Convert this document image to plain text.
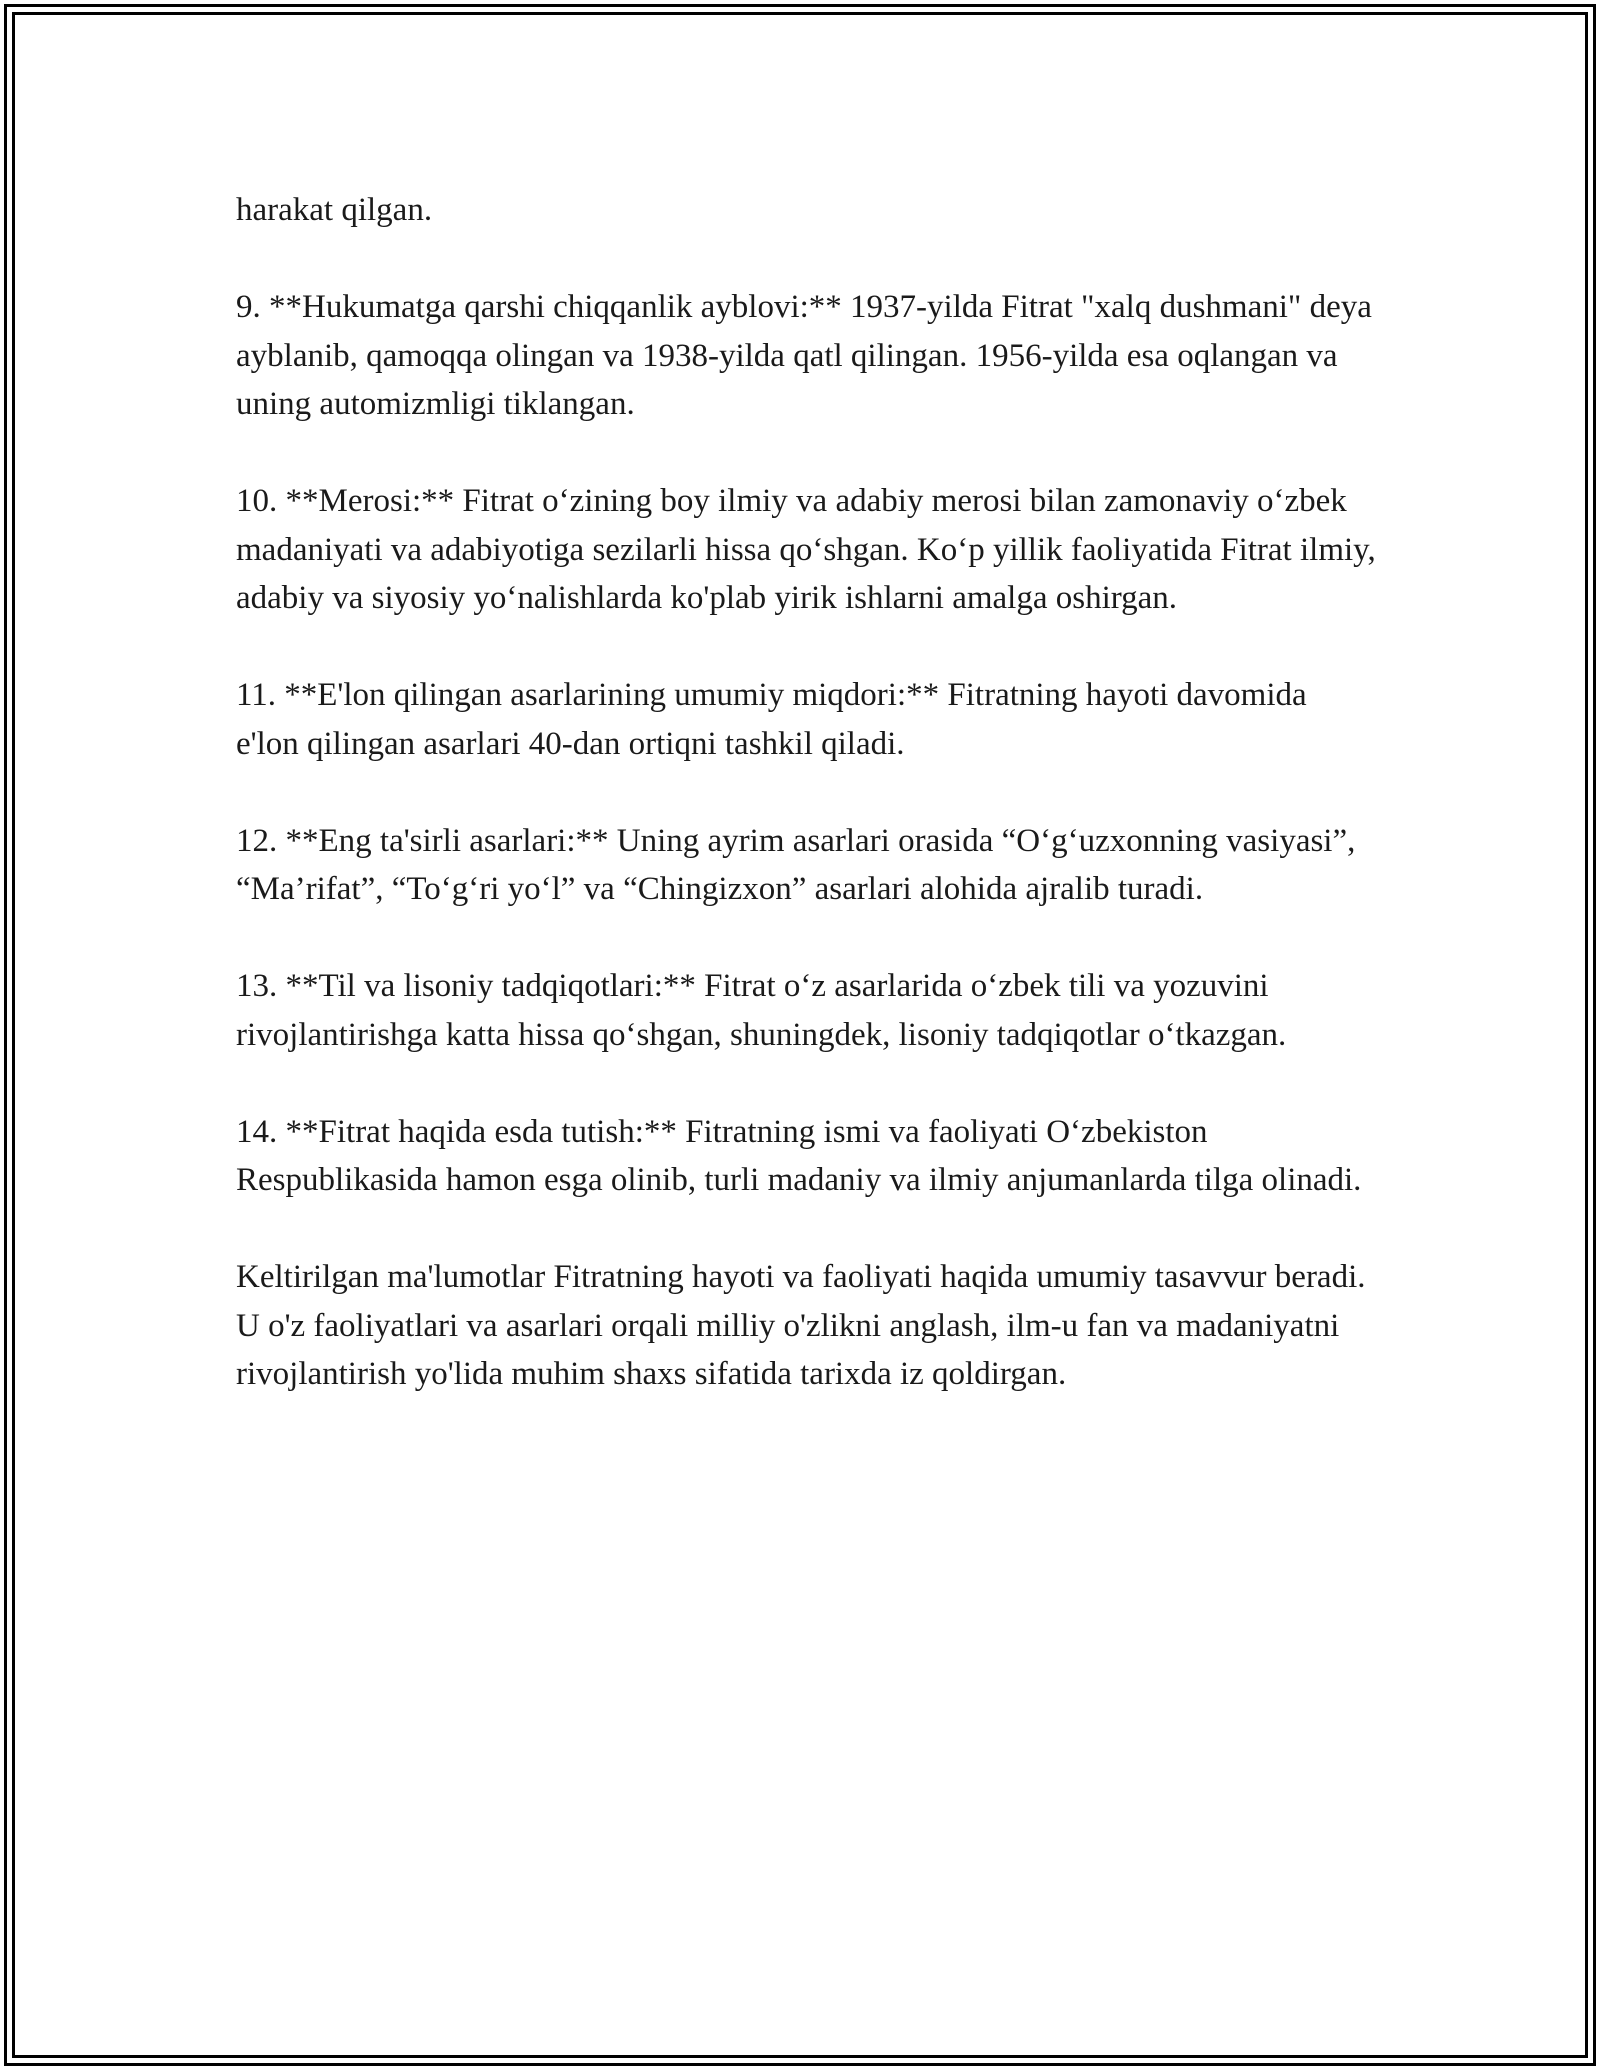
harakat qilgan.

9. **Hukumatga qarshi chiqqanlik ayblovi:** 1937-yilda Fitrat "xalq dushmani" deya ayblanib, qamoqqa olingan va 1938-yilda qatl qilingan. 1956-yilda esa oqlangan va uning automizmligi tiklangan.

10. **Merosi:** Fitrat o‘zining boy ilmiy va adabiy merosi bilan zamonaviy o‘zbek madaniyati va adabiyotiga sezilarli hissa qo‘shgan. Ko‘p yillik faoliyatida Fitrat ilmiy, adabiy va siyosiy yo‘nalishlarda ko'plab yirik ishlarni amalga oshirgan.

11. **E'lon qilingan asarlarining umumiy miqdori:** Fitratning hayoti davomida e'lon qilingan asarlari 40-dan ortiqni tashkil qiladi.

12. **Eng ta'sirli asarlari:** Uning ayrim asarlari orasida “O‘g‘uzxonning vasiyasi”, “Ma’rifat”, “To‘g‘ri yo‘l” va “Chingizxon” asarlari alohida ajralib turadi.

13. **Til va lisoniy tadqiqotlari:** Fitrat o‘z asarlarida o‘zbek tili va yozuvini rivojlantirishga katta hissa qo‘shgan, shuningdek, lisoniy tadqiqotlar o‘tkazgan.

14. **Fitrat haqida esda tutish:** Fitratning ismi va faoliyati O‘zbekiston Respublikasida hamon esga olinib, turli madaniy va ilmiy anjumanlarda tilga olinadi.

Keltirilgan ma'lumotlar Fitratning hayoti va faoliyati haqida umumiy tasavvur beradi. U o'z faoliyatlari va asarlari orqali milliy o'zlikni anglash, ilm-u fan va madaniyatni rivojlantirish yo'lida muhim shaxs sifatida tarixda iz qoldirgan.
